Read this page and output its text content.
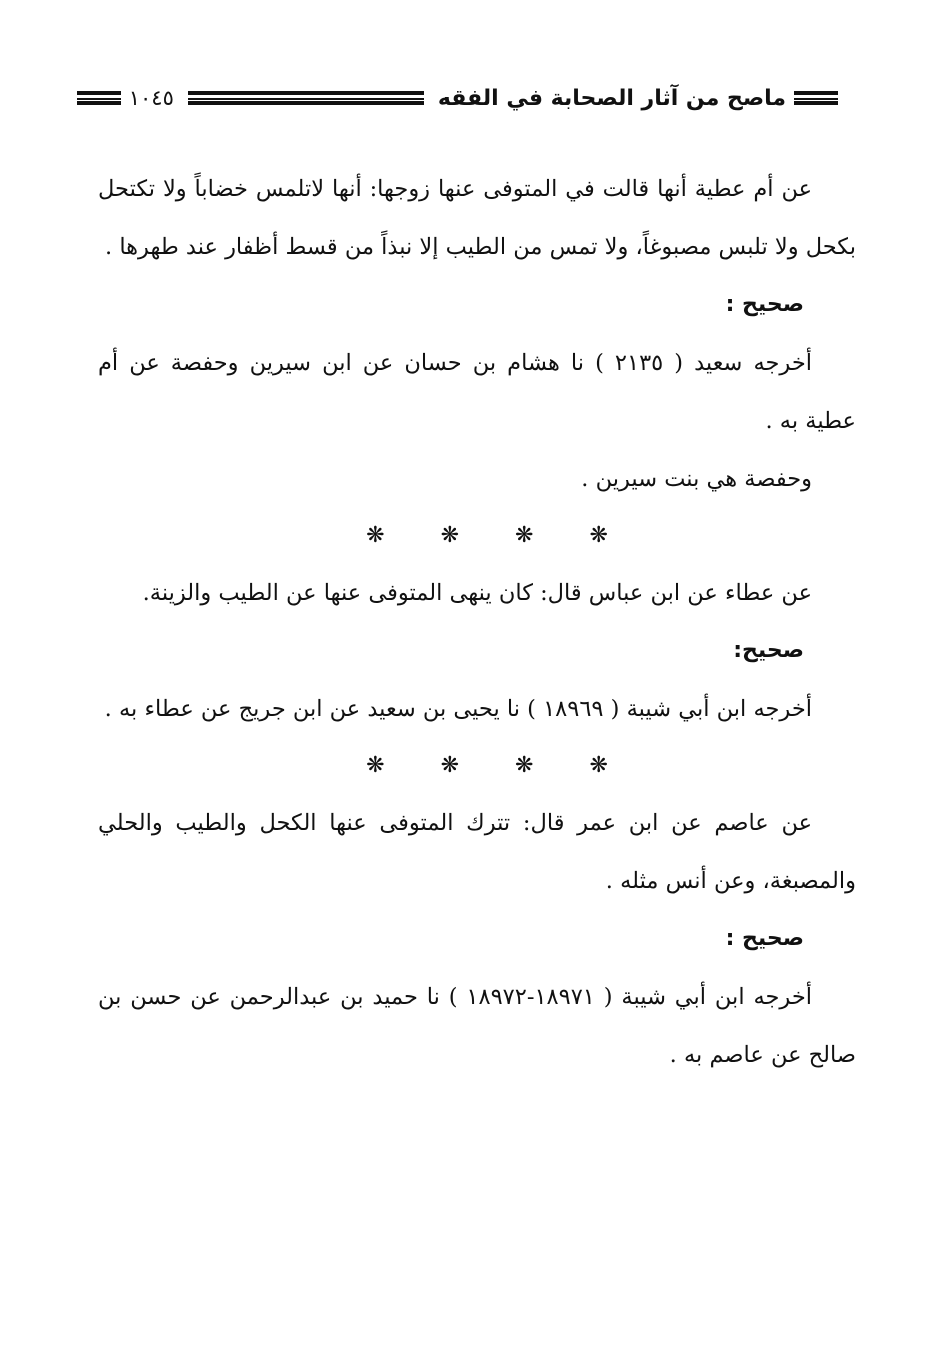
ماصح من آثار الصحابة في الفقه
١٠٤٥

عن أم عطية أنها قالت في المتوفى عنها زوجها: أنها لاتلمس خضاباً ولا تكتحل بكحل ولا تلبس مصبوغاً، ولا تمس من الطيب إلا نبذاً من قسط أظفار عند طهرها .

صحيح :

أخرجه سعيد ( ٢١٣٥ ) نا هشام بن حسان عن ابن سيرين وحفصة عن أم عطية به .

وحفصة هي بنت سيرين .

❋
❋
❋
❋

عن عطاء عن ابن عباس قال: كان ينهى المتوفى عنها عن الطيب والزينة.

صحيح:

أخرجه ابن أبي شيبة ( ١٨٩٦٩ ) نا يحيى بن سعيد عن ابن جريج عن عطاء به .

❋
❋
❋
❋

عن عاصم عن ابن عمر قال: تترك المتوفى عنها الكحل والطيب والحلي والمصبغة، وعن أنس مثله .

صحيح :

أخرجه ابن أبي شيبة ( ١٨٩٧١-١٨٩٧٢ ) نا حميد بن عبدالرحمن عن حسن بن صالح عن عاصم به .
